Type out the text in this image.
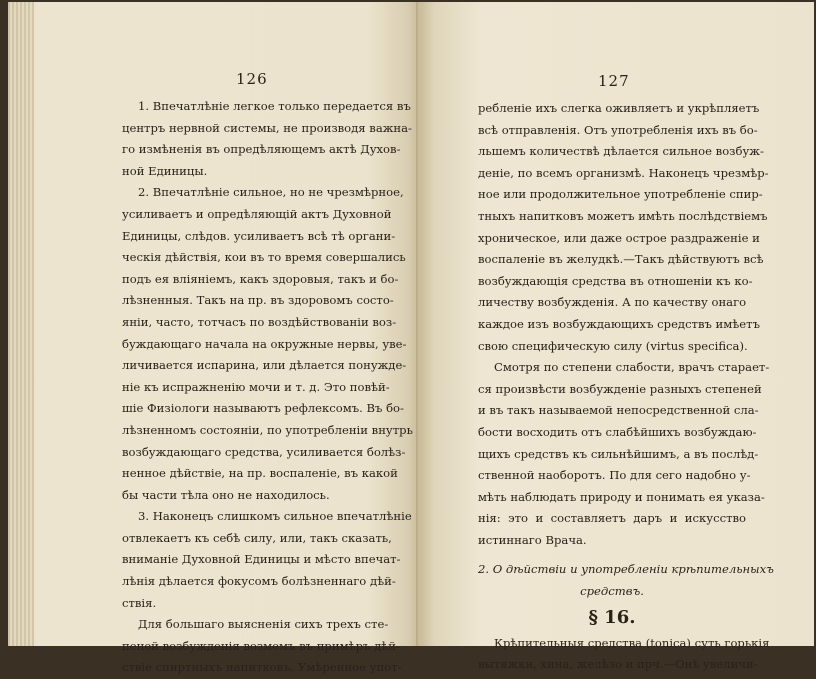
126
1. Впечатлѣніе легкое только передается въ
центръ нервной системы, не производя важна-
го измѣненія въ опредѣляющемъ актѣ Духов-
ной Единицы.
2. Впечатлѣніе сильное, но не чрезмѣрное,
усиливаетъ и опредѣляющій актъ Духовной
Единицы, слѣдов. усиливаетъ всѣ тѣ органи-
ческія дѣйствія, кои въ то время совершались
подъ ея вліяніемъ, какъ здоровыя, такъ и бо-
лѣзненныя. Такъ на пр. въ здоровомъ состо-
яніи, часто, тотчасъ по воздѣйствованіи воз-
буждающаго начала на окружные нервы, уве-
личивается испарина, или дѣлается понужде-
ніе къ испражненію мочи и т. д. Это повѣй-
шіе Физіологи называютъ рефлексомъ. Въ бо-
лѣзненномъ состояніи, по употребленіи внутрь
возбуждающаго средства, усиливается болѣз-
ненное дѣйствіе, на пр. воспаленіе, въ какой
бы части тѣла оно не находилось.
3. Наконецъ слишкомъ сильное впечатлѣніе
отвлекаетъ къ себѣ силу, или, такъ сказать,
вниманіе Духовной Единицы и мѣсто впечат-
лѣнія дѣлается фокусомъ болѣзненнаго дѣй-
ствія.
Для большаго выясненія сихъ трехъ сте-
пеней возбужденія возмемъ въ примѣръ дѣй-
ствіе спиртныхъ напитковъ. Умѣренное упот-
127
ребленіе ихъ слегка оживляетъ и укрѣпляетъ
всѣ отправленія. Отъ употребленія ихъ въ бо-
льшемъ количествѣ дѣлается сильное возбуж-
деніе, по всемъ организмѣ. Наконецъ чрезмѣр-
ное или продолжительное употребленіе спир-
тныхъ напитковъ можетъ имѣть послѣдствіемъ
хроническое, или даже острое раздраженіе и
воспаленіе въ желудкѣ.—Такъ дѣйствуютъ всѣ
возбуждающія средства въ отношеніи къ ко-
личеству возбужденія. А по качеству онаго
каждое изъ возбуждающихъ средствъ имѣетъ
свою специфическую силу (virtus specifica).
Смотря по степени слабости, врачъ старает-
ся произвѣсти возбужденіе разныхъ степеней
и въ такъ называемой непосредственной сла-
бости восходить отъ слабѣйшихъ возбуждаю-
щихъ средствъ къ сильнѣйшимъ, а въ послѣд-
ственной наоборотъ. По для сего надобно у-
мѣть наблюдать природу и понимать ея указа-
нія: это и составляетъ даръ и искусство
истиннаго Врача.
2. О дѣйствіи и употребленіи крѣпительныхъ
средствъ.
§ 16.
Крѣпительныя средства (tonica) суть горькія
вытяжки, хина, желѣзо и прч.—Онѣ увеличи-
